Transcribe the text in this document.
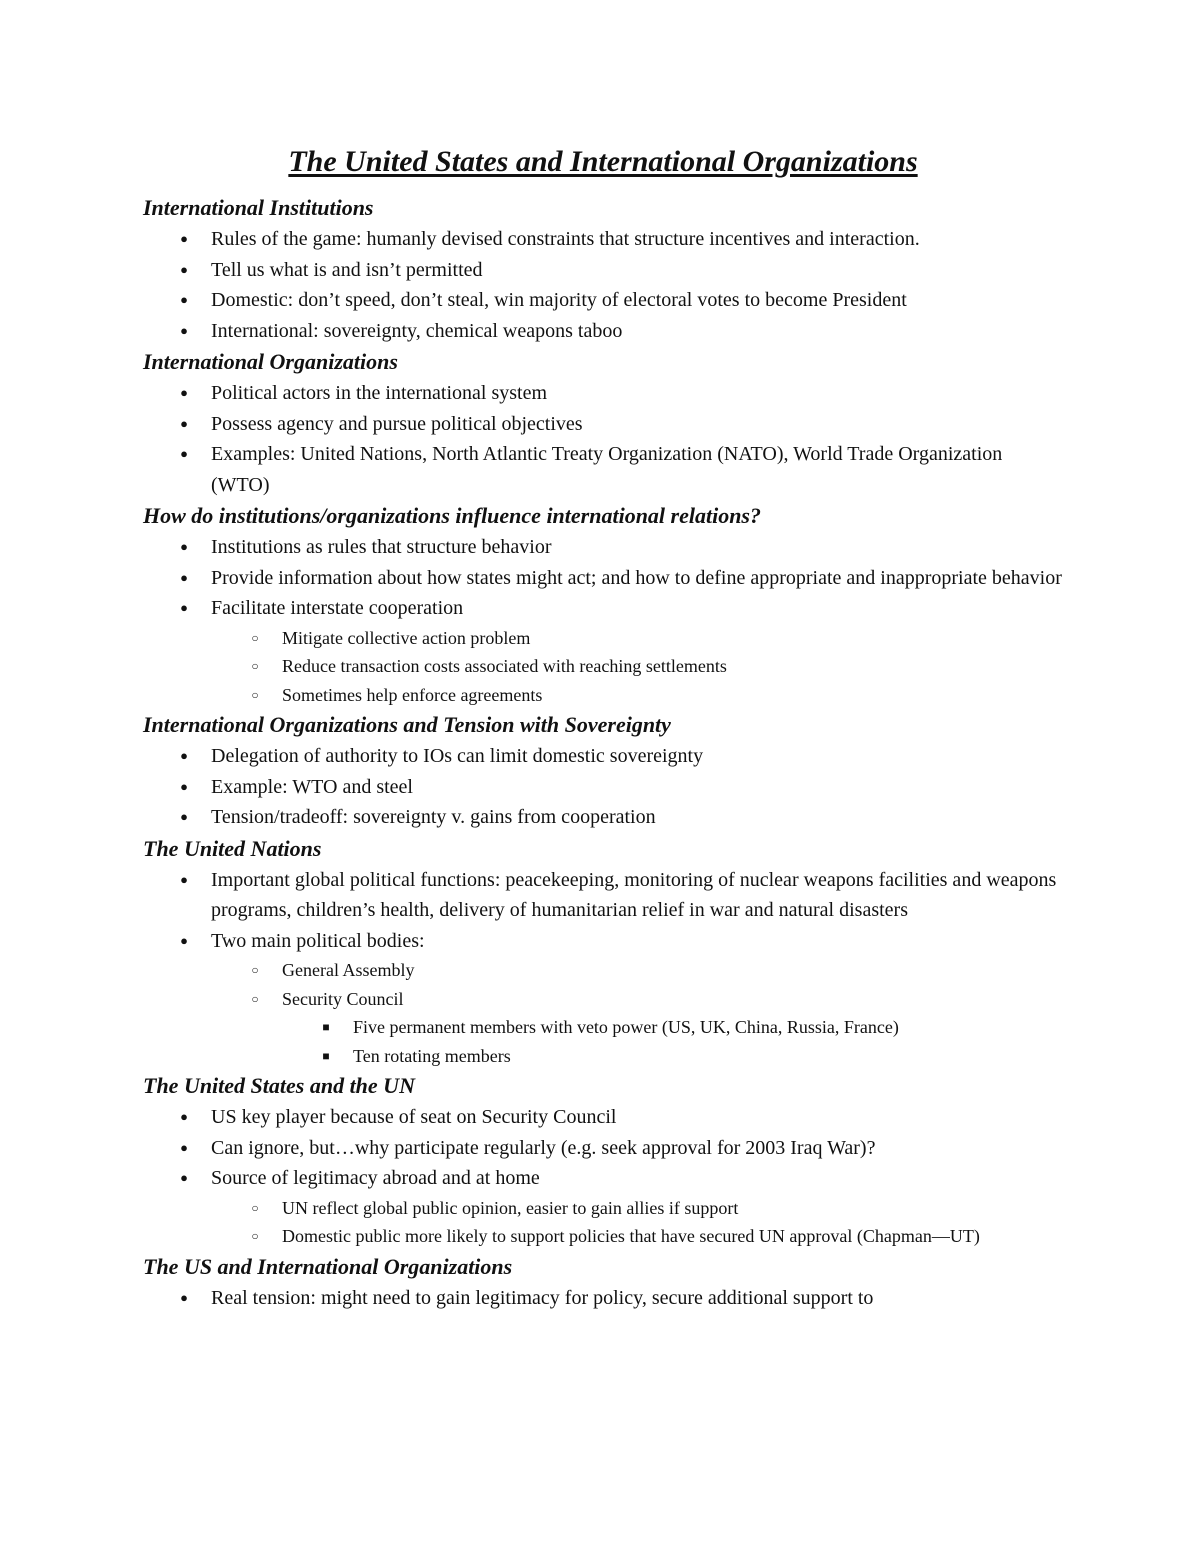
The United States and International Organizations
International Institutions
● Rules of the game: humanly devised constraints that structure incentives and interaction.
● Tell us what is and isn’t permitted
● Domestic: don’t speed, don’t steal, win majority of electoral votes to become President
● International: sovereignty, chemical weapons taboo
International Organizations
● Political actors in the international system
● Possess agency and pursue political objectives
● Examples: United Nations, North Atlantic Treaty Organization (NATO), World Trade Organization (WTO)
How do institutions/organizations influence international relations?
● Institutions as rules that structure behavior
● Provide information about how states might act; and how to define appropriate and inappropriate behavior
● Facilitate interstate cooperation
○ Mitigate collective action problem
○ Reduce transaction costs associated with reaching settlements
○ Sometimes help enforce agreements
International Organizations and Tension with Sovereignty
● Delegation of authority to IOs can limit domestic sovereignty
● Example: WTO and steel
● Tension/tradeoff: sovereignty v. gains from cooperation
The United Nations
● Important global political functions: peacekeeping, monitoring of nuclear weapons facilities and weapons programs, children’s health, delivery of humanitarian relief in war and natural disasters
● Two main political bodies:
○ General Assembly
○ Security Council
■ Five permanent members with veto power (US, UK, China, Russia, France)
■ Ten rotating members
The United States and the UN
● US key player because of seat on Security Council
● Can ignore, but…why participate regularly (e.g. seek approval for 2003 Iraq War)?
● Source of legitimacy abroad and at home
○ UN reflect global public opinion, easier to gain allies if support
○ Domestic public more likely to support policies that have secured UN approval (Chapman—UT)
The US and International Organizations
● Real tension: might need to gain legitimacy for policy, secure additional support to
